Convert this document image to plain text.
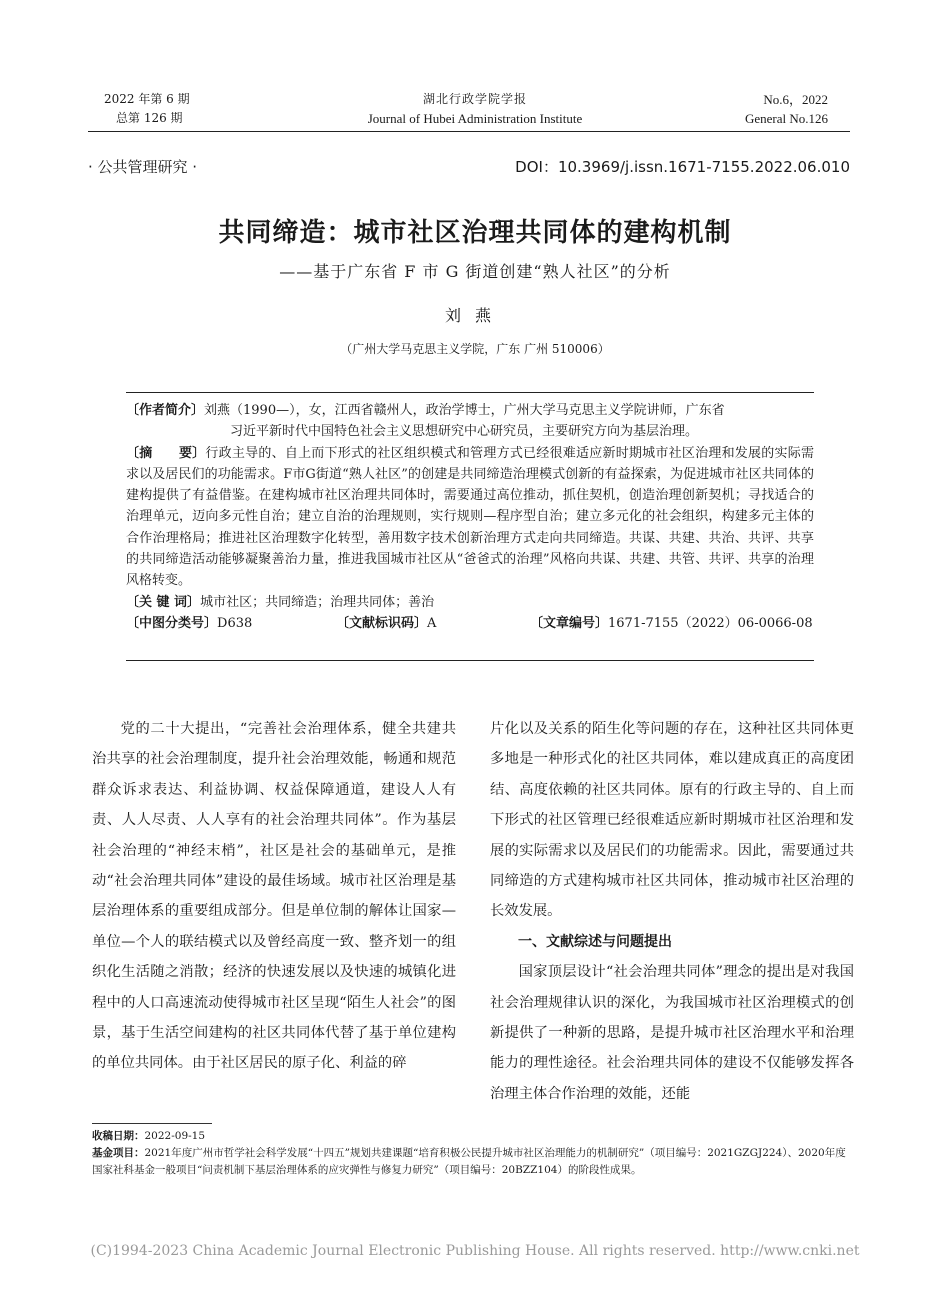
2022 年第 6 期
总第 126 期
湖北行政学院学报
Journal of Hubei Administration Institute
No.6，2022
General No.126
· 公共管理研究 ·	DOI：10.3969/j.issn.1671-7155.2022.06.010
共同缔造：城市社区治理共同体的建构机制
——基于广东省 F 市 G 街道创建“熟人社区”的分析
刘燕
（广州大学马克思主义学院，广东 广州 510006）

〔作者简介〕刘燕（1990—），女，江西省赣州人，政治学博士，广州大学马克思主义学院讲师，广东省

习近平新时代中国特色社会主义思想研究中心研究员，主要研究方向为基层治理。

〔摘　　要〕行政主导的、自上而下形式的社区组织模式和管理方式已经很难适应新时期城市社区治理和发展的实际需求以及居民们的功能需求。F市G街道“熟人社区”的创建是共同缔造治理模式创新的有益探索，为促进城市社区共同体的建构提供了有益借鉴。在建构城市社区治理共同体时，需要通过高位推动，抓住契机，创造治理创新契机；寻找适合的治理单元，迈向多元性自治；建立自治的治理规则，实行规则—程序型自治；建立多元化的社会组织，构建多元主体的合作治理格局；推进社区治理数字化转型，善用数字技术创新治理方式走向共同缔造。共谋、共建、共治、共评、共享的共同缔造活动能够凝聚善治力量，推进我国城市社区从“爸爸式的治理”风格向共谋、共建、共管、共评、共享的治理风格转变。

〔关 键 词〕城市社区；共同缔造；治理共同体；善治

〔中图分类号〕D638	〔文献标识码〕A	〔文章编号〕1671-7155（2022）06-0066-08

党的二十大提出，“完善社会治理体系，健全共建共治共享的社会治理制度，提升社会治理效能，畅通和规范群众诉求表达、利益协调、权益保障通道，建设人人有责、人人尽责、人人享有的社会治理共同体”。作为基层社会治理的“神经末梢”，社区是社会的基础单元，是推动“社会治理共同体”建设的最佳场域。城市社区治理是基层治理体系的重要组成部分。但是单位制的解体让国家—单位—个人的联结模式以及曾经高度一致、整齐划一的组织化生活随之消散；经济的快速发展以及快速的城镇化进程中的人口高速流动使得城市社区呈现“陌生人社会”的图景，基于生活空间建构的社区共同体代替了基于单位建构的单位共同体。由于社区居民的原子化、利益的碎

片化以及关系的陌生化等问题的存在，这种社区共同体更多地是一种形式化的社区共同体，难以建成真正的高度团结、高度依赖的社区共同体。原有的行政主导的、自上而下形式的社区管理已经很难适应新时期城市社区治理和发展的实际需求以及居民们的功能需求。因此，需要通过共同缔造的方式建构城市社区共同体，推动城市社区治理的长效发展。

一、文献综述与问题提出

国家顶层设计“社会治理共同体”理念的提出是对我国社会治理规律认识的深化，为我国城市社区治理模式的创新提供了一种新的思路，是提升城市社区治理水平和治理能力的理性途径。社会治理共同体的建设不仅能够发挥各治理主体合作治理的效能，还能

收稿日期：2022-09-15

基金项目：2021年度广州市哲学社会科学发展“十四五”规划共建课题“培育积极公民提升城市社区治理能力的机制研究”（项目编号：2021GZGJ224）、2020年度国家社科基金一般项目“问责机制下基层治理体系的应灾弹性与修复力研究”（项目编号：20BZZ104）的阶段性成果。

(C)1994-2023 China Academic Journal Electronic Publishing House. All rights reserved. http://www.cnki.net
